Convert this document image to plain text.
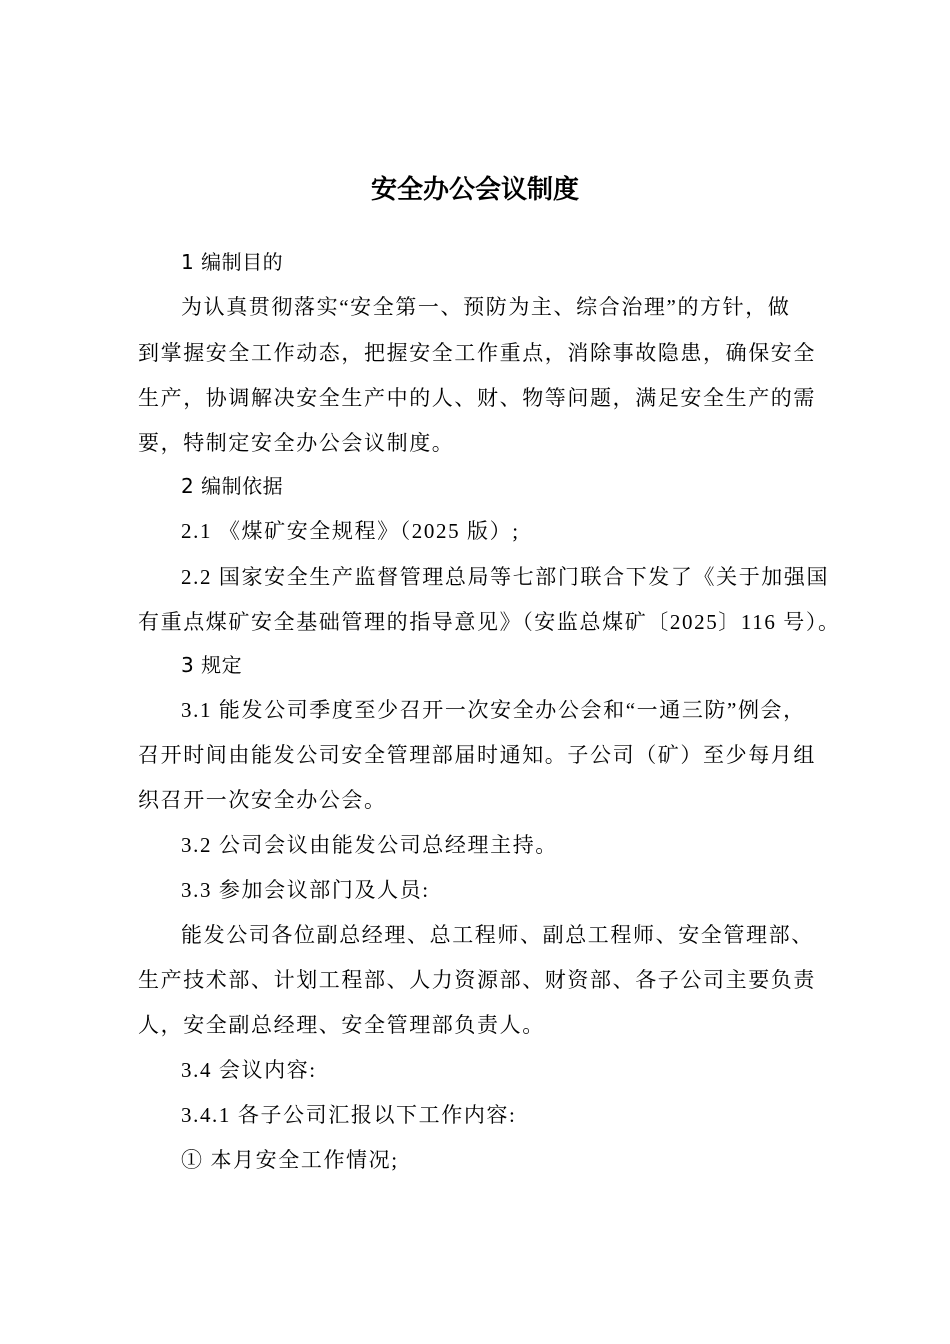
安全办公会议制度
1 编制目的
为认真贯彻落实“安全第一、预防为主、综合治理”的方针，做
到掌握安全工作动态，把握安全工作重点，消除事故隐患，确保安全
生产，协调解决安全生产中的人、财、物等问题，满足安全生产的需
要，特制定安全办公会议制度。
2 编制依据
2.1 《煤矿安全规程》（2025 版）;
2.2 国家安全生产监督管理总局等七部门联合下发了《关于加强国
有重点煤矿安全基础管理的指导意见》（安监总煤矿〔2025〕116 号）。
3 规定
3.1 能发公司季度至少召开一次安全办公会和“一通三防”例会，
召开时间由能发公司安全管理部届时通知。子公司（矿）至少每月组
织召开一次安全办公会。
3.2 公司会议由能发公司总经理主持。
3.3 参加会议部门及人员:
能发公司各位副总经理、总工程师、副总工程师、安全管理部、
生产技术部、计划工程部、人力资源部、财资部、各子公司主要负责
人，安全副总经理、安全管理部负责人。
3.4 会议内容:
3.4.1 各子公司汇报以下工作内容:
① 本月安全工作情况;
